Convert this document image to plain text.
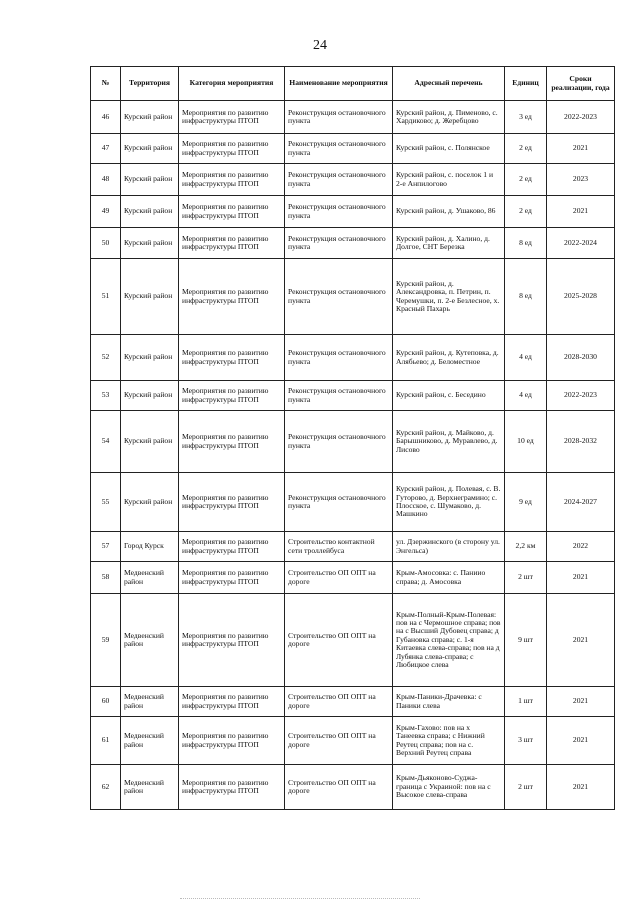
24
№	Территория	Категория мероприятия	Наименование мероприятия	Адресный перечень	Единиц	Сроки реализации, года
46	Курский район	Мероприятия по развитию инфраструктуры ПТОП	Реконструкция остановочного пункта	Курский район, д. Пименово, с. Хардиково; д. Жеребцово	3 ед	2022-2023
47	Курский район	Мероприятия по развитию инфраструктуры ПТОП	Реконструкция остановочного пункта	Курский район, с. Полянское	2 ед	2021
48	Курский район	Мероприятия по развитию инфраструктуры ПТОП	Реконструкция остановочного пункта	Курский район, с. поселок 1 и 2-е Анпилогово	2 ед	2023
49	Курский район	Мероприятия по развитию инфраструктуры ПТОП	Реконструкция остановочного пункта	Курский район, д. Ушаково, 86	2 ед	2021
50	Курский район	Мероприятия по развитию инфраструктуры ПТОП	Реконструкция остановочного пункта	Курский район, д. Халино, д. Долгое, СНТ Березка	8 ед	2022-2024
51	Курский район	Мероприятия по развитию инфраструктуры ПТОП	Реконструкция остановочного пункта	Курский район, д. Александровка, п. Петрин, п. Черемушки, п. 2-е Безлесное, х. Красный Пахарь	8 ед	2025-2028
52	Курский район	Мероприятия по развитию инфраструктуры ПТОП	Реконструкция остановочного пункта	Курский район, д. Кутеповка, д. Алябьево; д. Беломестное	4 ед	2028-2030
53	Курский район	Мероприятия по развитию инфраструктуры ПТОП	Реконструкция остановочного пункта	Курский район, с. Беседино	4 ед	2022-2023
54	Курский район	Мероприятия по развитию инфраструктуры ПТОП	Реконструкция остановочного пункта	Курский район, д. Майково, д. Барышниково, д. Муравлево, д. Лисово	10 ед	2028-2032
55	Курский район	Мероприятия по развитию инфраструктуры ПТОП	Реконструкция остановочного пункта	Курский район, д. Полевая, с. В. Гуторово, д. Верхнеграмино; с. Плосское, с. Шумаково, д. Машкино	9 ед	2024-2027
57	Город Курск	Мероприятия по развитию инфраструктуры ПТОП	Строительство контактной сети троллейбуса	ул. Дзержинского (в сторону ул. Энгельса)	2,2 км	2022
58	Медвенский район	Мероприятия по развитию инфраструктуры ПТОП	Строительство ОП ОПТ на дороге	Крым-Амосовка: с. Паниио справа; д. Амосовка	2 шт	2021
59	Медвенский район	Мероприятия по развитию инфраструктуры ПТОП	Строительство ОП ОПТ на дороге	Крым-Полный-Крым-Полевая: пов на с Чермошное справа; пов на с Высший Дубовец справа; д Губановка справа; с. 1-я Китаевка слева-справа; пов на д Лубянка слева-справа; с Любицкое слева	9 шт	2021
60	Медвенский район	Мероприятия по развитию инфраструктуры ПТОП	Строительство ОП ОПТ на дороге	Крым-Паники-Драчевка: с Паники слева	1 шт	2021
61	Медвенский район	Мероприятия по развитию инфраструктуры ПТОП	Строительство ОП ОПТ на дороге	Крым-Гахово: пов на х Танеевка справа; с Нижний Реутец справа; пов на с. Верхний Реутец справа	3 шт	2021
62	Медвенский район	Мероприятия по развитию инфраструктуры ПТОП	Строительство ОП ОПТ на дороге	Крым-Дьяконово-Суджа-граница с Украиной: пов на с Высокое слева-справа	2 шт	2021
